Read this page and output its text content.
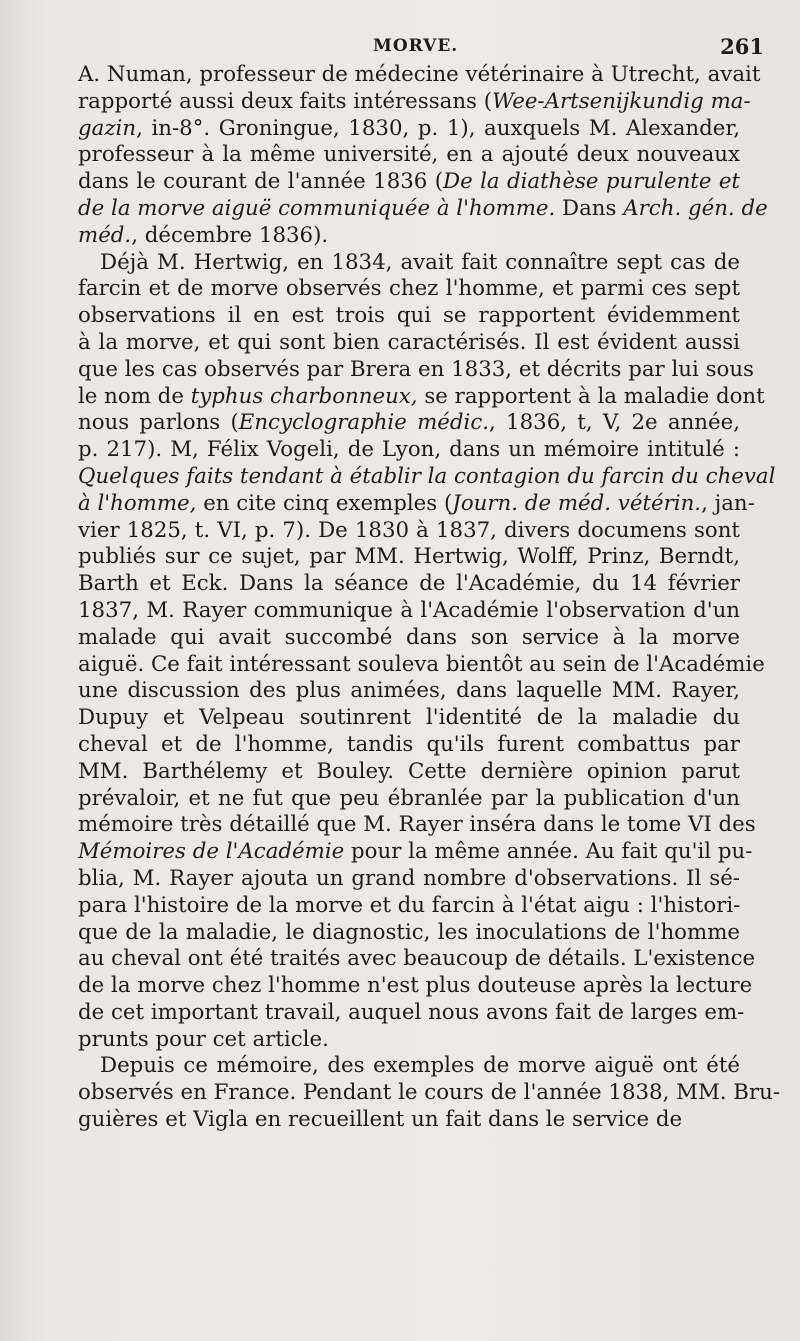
MORVE.	261
A. Numan, professeur de médecine vétérinaire à Utrecht, avait
rapporté aussi deux faits intéressans (Wee-Artsenijkundig ma-
gazin, in-8°. Groningue, 1830, p. 1), auxquels M. Alexander,
professeur à la même université, en a ajouté deux nouveaux
dans le courant de l'année 1836 (De la diathèse purulente et
de la morve aiguë communiquée à l'homme. Dans Arch. gén. de
méd., décembre 1836).
Déjà M. Hertwig, en 1834, avait fait connaître sept cas de
farcin et de morve observés chez l'homme, et parmi ces sept
observations il en est trois qui se rapportent évidemment
à la morve, et qui sont bien caractérisés. Il est évident aussi
que les cas observés par Brera en 1833, et décrits par lui sous
le nom de typhus charbonneux, se rapportent à la maladie dont
nous parlons (Encyclographie médic., 1836, t, V, 2e année,
p. 217). M, Félix Vogeli, de Lyon, dans un mémoire intitulé :
Quelques faits tendant à établir la contagion du farcin du cheval
à l'homme, en cite cinq exemples (Journ. de méd. vétérin., jan-
vier 1825, t. VI, p. 7). De 1830 à 1837, divers documens sont
publiés sur ce sujet, par MM. Hertwig, Wolff, Prinz, Berndt,
Barth et Eck. Dans la séance de l'Académie, du 14 février
1837, M. Rayer communique à l'Académie l'observation d'un
malade qui avait succombé dans son service à la morve
aiguë. Ce fait intéressant souleva bientôt au sein de l'Académie
une discussion des plus animées, dans laquelle MM. Rayer,
Dupuy et Velpeau soutinrent l'identité de la maladie du
cheval et de l'homme, tandis qu'ils furent combattus par
MM. Barthélemy et Bouley. Cette dernière opinion parut
prévaloir, et ne fut que peu ébranlée par la publication d'un
mémoire très détaillé que M. Rayer inséra dans le tome VI des
Mémoires de l'Académie pour la même année. Au fait qu'il pu-
blia, M. Rayer ajouta un grand nombre d'observations. Il sé-
para l'histoire de la morve et du farcin à l'état aigu : l'histori-
que de la maladie, le diagnostic, les inoculations de l'homme
au cheval ont été traités avec beaucoup de détails. L'existence
de la morve chez l'homme n'est plus douteuse après la lecture
de cet important travail, auquel nous avons fait de larges em-
prunts pour cet article.
Depuis ce mémoire, des exemples de morve aiguë ont été
observés en France. Pendant le cours de l'année 1838, MM. Bru-
guières et Vigla en recueillent un fait dans le service de
